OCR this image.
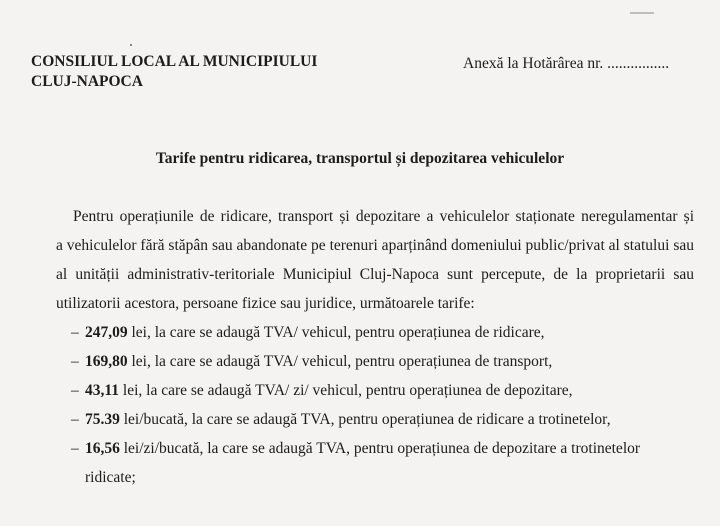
CONSILIUL LOCAL AL MUNICIPIULUI
CLUJ-NAPOCA
Anexă la Hotărârea nr. ................
Tarife pentru ridicarea, transportul și depozitarea vehiculelor
Pentru operațiunile de ridicare, transport și depozitare a vehiculelor staționate neregulamentar și
a vehiculelor fără stăpân sau abandonate pe terenuri aparținând domeniului public/privat al statului sau
al unității administrativ-teritoriale Municipiul Cluj-Napoca sunt percepute, de la proprietarii sau
utilizatorii acestora, persoane fizice sau juridice, următoarele tarife:
– 247,09 lei, la care se adaugă TVA/ vehicul, pentru operațiunea de ridicare,
– 169,80 lei, la care se adaugă TVA/ vehicul, pentru operațiunea de transport,
– 43,11 lei, la care se adaugă TVA/ zi/ vehicul, pentru operațiunea de depozitare,
– 75.39 lei/bucată, la care se adaugă TVA, pentru operațiunea de ridicare a trotinetelor,
– 16,56 lei/zi/bucată, la care se adaugă TVA, pentru operațiunea de depozitare a trotinetelor
ridicate;
